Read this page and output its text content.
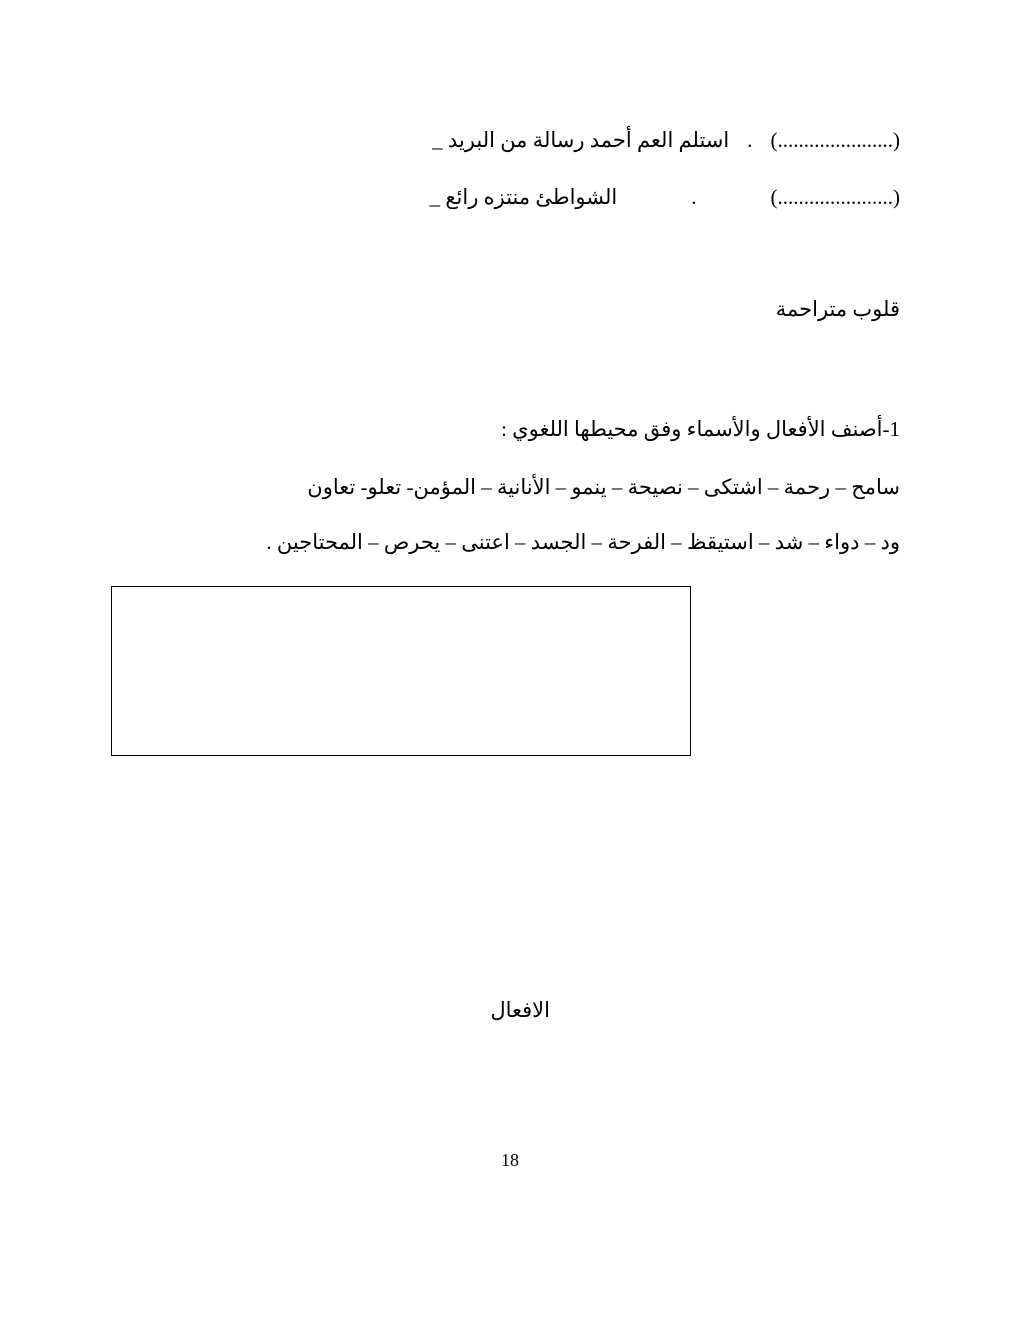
(......................).استلم العم أحمد رسالة من البريد _
(......................).الشواطئ منتزه رائع _
قلوب متراحمة
1-أصنف الأفعال والأسماء وفق محيطها اللغوي :
سامح – رحمة – اشتكى – نصيحة – ينمو – الأنانية – المؤمن- تعلو- تعاون
ود – دواء – شد – استيقظ – الفرحة – الجسد – اعتنى – يحرص – المحتاجين .
الافعال
18
